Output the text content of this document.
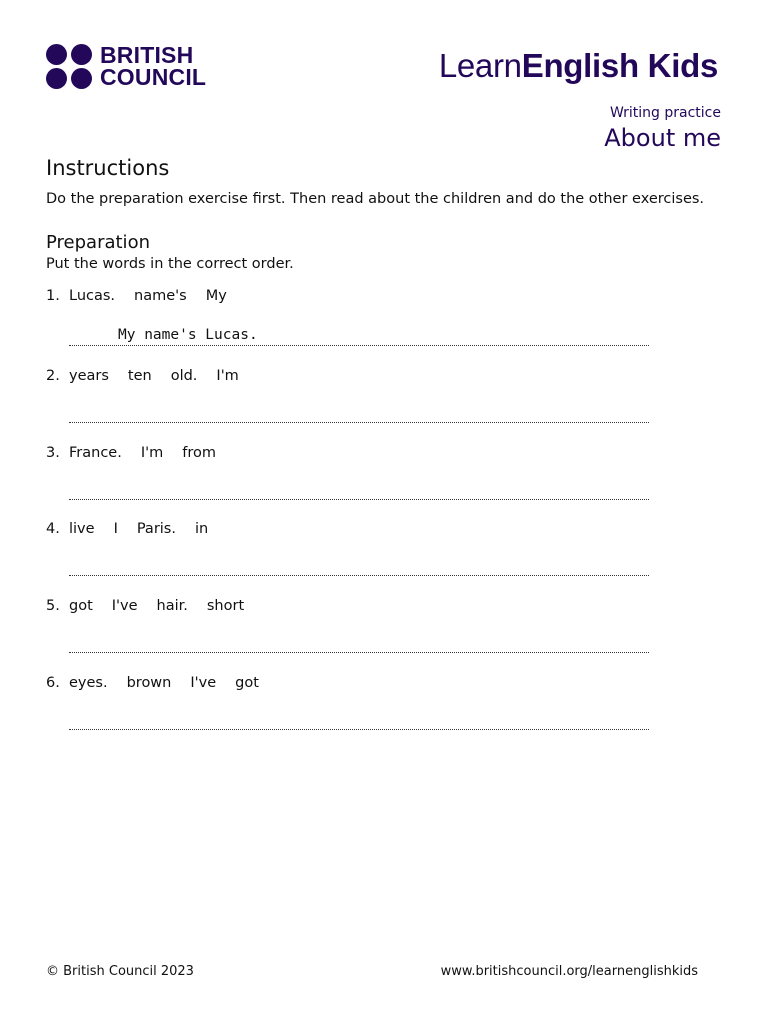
BRITISH
COUNCIL	LearnEnglish Kids
Writing practice
About me
Instructions
Do the preparation exercise first. Then read about the children and do the other exercises.
Preparation
Put the words in the correct order.
1. Lucas. name's My
My name's Lucas.
2. years ten old. I'm
3. France. I'm from
4. live I Paris. in
5. got I've hair. short
6. eyes. brown I've got
© British Council 2023	www.britishcouncil.org/learnenglishkids
